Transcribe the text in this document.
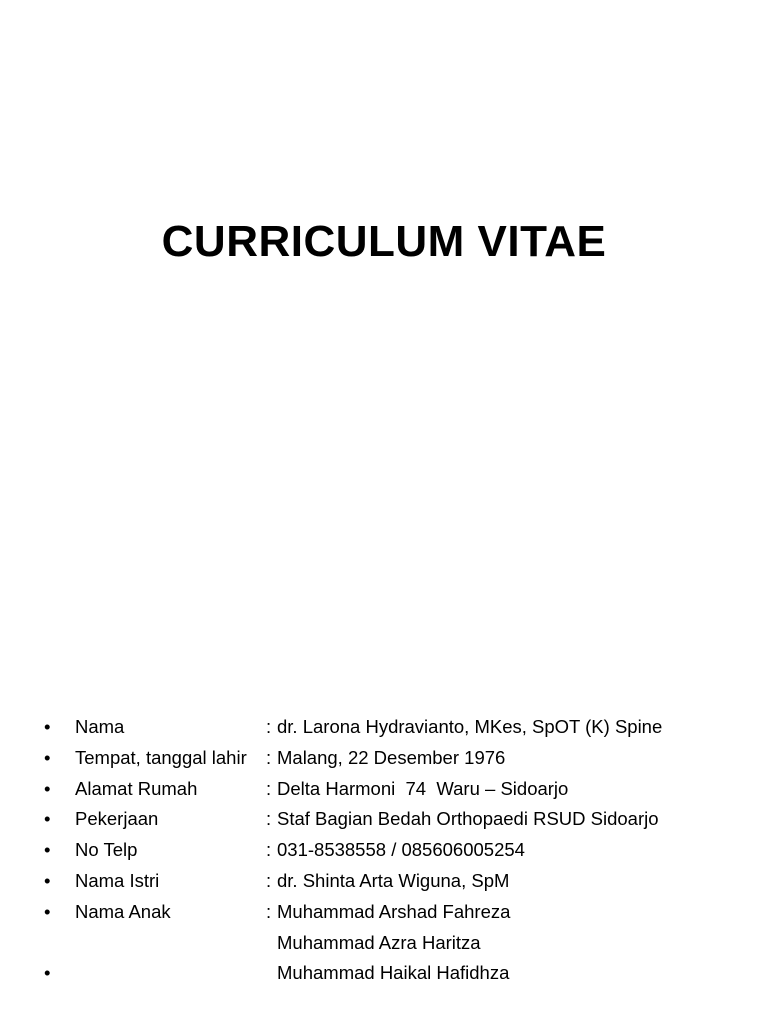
CURRICULUM VITAE
• Nama	: dr. Larona Hydravianto, MKes, SpOT (K) Spine
• Tempat, tanggal lahir : Malang, 22 Desember 1976
• Alamat Rumah	: Delta Harmoni  74  Waru – Sidoarjo
• Pekerjaan	: Staf Bagian Bedah Orthopaedi RSUD Sidoarjo
• No Telp	: 031-8538558 / 085606005254
• Nama Istri	: dr. Shinta Arta Wiguna, SpM
• Nama Anak	: Muhammad Arshad Fahreza
Muhammad Azra Haritza
•	Muhammad Haikal Hafidhza
